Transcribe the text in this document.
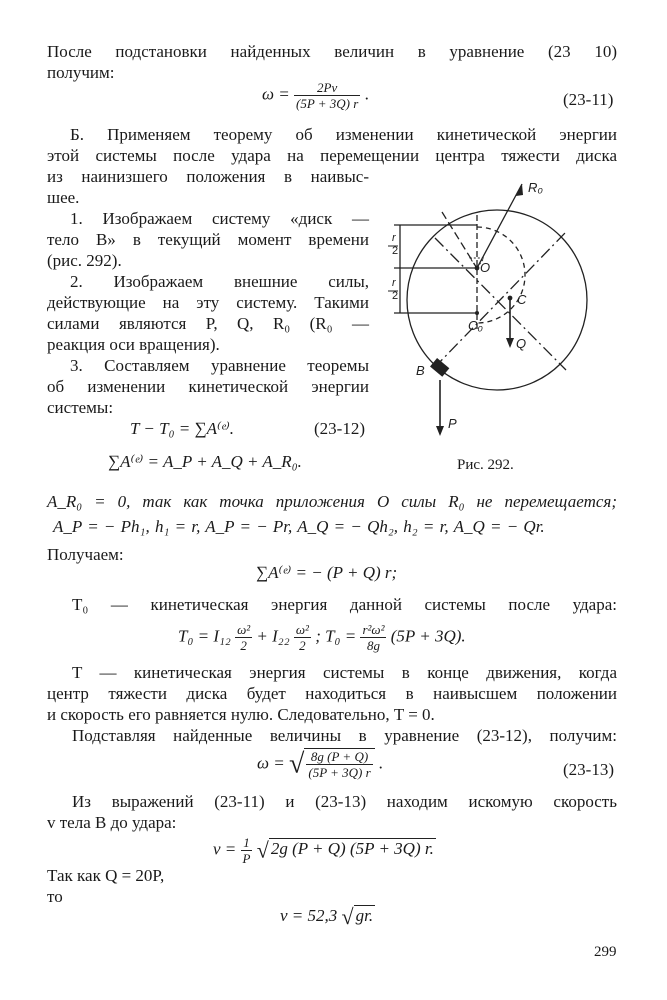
После подстановки найденных величин в уравнение (23 10)
получим:
$\omega = \frac{2Pv}{(5P + 3Q) r}$ .	(23-11)
Б. Применяем теорему об изменении кинетической энергии
этой системы после удара на перемещении центра тяжести диска
из наинизшего положения в наивыс-
шее.
1. Изображаем систему «диск —
тело B» в текущий момент времени
(рис. 292).
2. Изображаем внешние силы,
действующие на эту систему. Такими
силами являются P, Q, R₀ (R₀ —
реакция оси вращения).
3. Составляем уравнение теоремы
об изменении кинетической энергии
системы:
T − T₀ = ∑A⁽ᵉ⁾.	(23-12)
∑A⁽ᵉ⁾ = A_P + A_Q + A_R₀.
R₀
O
C
C₀
Q
B
P
r
2
r
2
Рис. 292.
A_R₀ = 0, так как точка приложения O силы R₀ не перемещается;
A_P = − Ph₁, h₁ = r, A_P = − Pr, A_Q = − Qh₂, h₂ = r, A_Q = − Qr.
Получаем:
∑A⁽ᵉ⁾ = − (P + Q) r;
T₀ — кинетическая энергия данной системы после удара:
$T_0 = I_{12} \frac{\text{ω²}}{2} + I_{22} \frac{\text{ω²}}{2}$ ; $T_0 = \frac{\text{r²ω²}}{8g} (5P + 3Q)$.
T — кинетическая энергия системы в конце движения, когда
центр тяжести диска будет находиться в наивысшем положении
и скорость его равняется нулю. Следовательно, T = 0.
Подставляя найденные величины в уравнение (23-12), получим:
ω = √ $\frac{8g (P + Q)}{(5P + 3Q) r}$ .	(23-13)
Из выражений (23-11) и (23-13) находим искомую скорость
v тела B до удара:
$v = \frac{1}{P}$ √ 2g (P + Q) (5P + 3Q) r.
Так как Q = 20P,
то
v = 52,3 √ gr.
299
